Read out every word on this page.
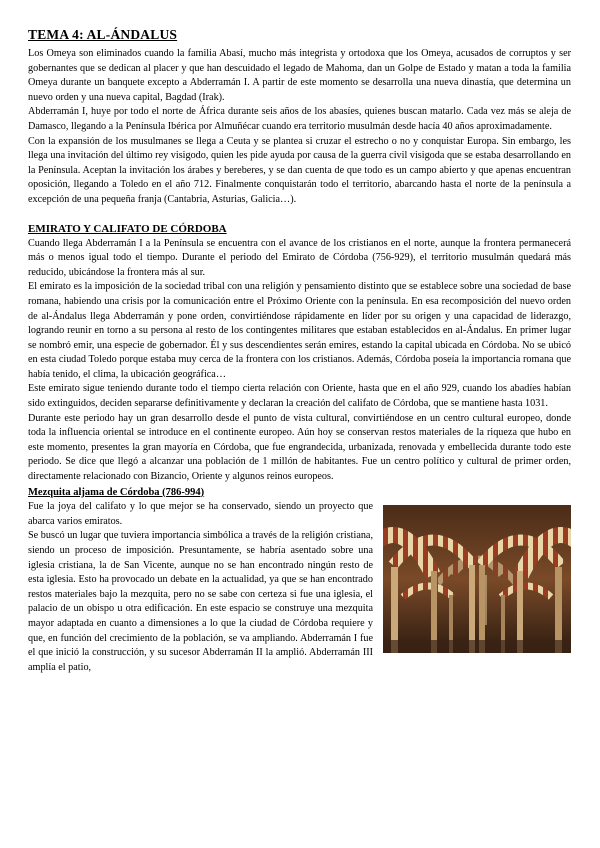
TEMA 4: AL-ÁNDALUS

Los Omeya son eliminados cuando la familia Abasí, mucho más integrista y ortodoxa que los Omeya, acusados de corruptos y ser gobernantes que se dedican al placer y que han descuidado el legado de Mahoma, dan un Golpe de Estado y matan a toda la familia Omeya durante un banquete excepto a Abderramán I. A partir de este momento se desarrolla una nueva dinastía, que determina un nuevo orden y una nueva capital, Bagdad (Irak).

Abderramán I, huye por todo el norte de África durante seis años de los abasíes, quienes buscan matarlo. Cada vez más se aleja de Damasco, llegando a la Península Ibérica por Almuñécar cuando era territorio musulmán desde hacía 40 años aproximadamente.

Con la expansión de los musulmanes se llega a Ceuta y se plantea si cruzar el estrecho o no y conquistar Europa. Sin embargo, les llega una invitación del último rey visigodo, quien les pide ayuda por causa de la guerra civil visigoda que se estaba desarrollando en la Península. Aceptan la invitación los árabes y bereberes, y se dan cuenta de que todo es un campo abierto y que apenas encuentran oposición, llegando a Toledo en el año 712. Finalmente conquistarán todo el territorio, abarcando hasta el norte de la península a excepción de una pequeña franja (Cantabria, Asturias, Galicia…).

EMIRATO Y CALIFATO DE CÓRDOBA

Cuando llega Abderramán I a la Península se encuentra con el avance de los cristianos en el norte, aunque la frontera permanecerá más o menos igual todo el tiempo. Durante el periodo del Emirato de Córdoba (756-929), el territorio musulmán quedará más reducido, ubicándose la frontera más al sur.

El emirato es la imposición de la sociedad tribal con una religión y pensamiento distinto que se establece sobre una sociedad de base romana, habiendo una crisis por la comunicación entre el Próximo Oriente con la península. En esa recomposición del nuevo orden de al-Ándalus llega Abderramán y pone orden, convirtiéndose rápidamente en líder por su origen y una capacidad de liderazgo, logrando reunir en torno a su persona al resto de los contingentes militares que estaban establecidos en al-Ándalus. En primer lugar se nombró emir, una especie de gobernador. Él y sus descendientes serán emires, estando la capital ubicada en Córdoba. No se ubicó en esta ciudad Toledo porque estaba muy cerca de la frontera con los cristianos. Además, Córdoba poseía la importancia romana que había tenido, el clima, la ubicación geográfica…

Este emirato sigue teniendo durante todo el tiempo cierta relación con Oriente, hasta que en el año 929, cuando los abadíes habían sido extinguidos, deciden separarse definitivamente y declaran la creación del califato de Córdoba, que se mantiene hasta 1031.

Durante este periodo hay un gran desarrollo desde el punto de vista cultural, convirtiéndose en un centro cultural europeo, donde toda la influencia oriental se introduce en el continente europeo. Aún hoy se conservan restos materiales de la riqueza que hubo en este momento, presentes la gran mayoría en Córdoba, que fue engrandecida, urbanizada, renovada y embellecida durante todo este periodo. Se dice que llegó a alcanzar una población de 1 millón de habitantes. Fue un centro político y cultural de primer orden, directamente relacionado con Bizancio, Oriente y algunos reinos europeos.

Mezquita aljama de Córdoba (786-994)

Fue la joya del califato y lo que mejor se ha conservado, siendo un proyecto que abarca varios emiratos.

Se buscó un lugar que tuviera importancia simbólica a través de la religión cristiana, siendo un proceso de imposición. Presuntamente, se habría asentado sobre una iglesia cristiana, la de San Vicente, aunque no se han encontrado ningún resto de esta iglesia. Esto ha provocado un debate en la actualidad, ya que se han encontrado restos materiales bajo la mezquita, pero no se sabe con certeza si fue una iglesia, el palacio de un obispo u otra edificación. En este espacio se construye una mezquita mayor adaptada en cuanto a dimensiones a lo que la ciudad de Córdoba requiere y que, en función del crecimiento de la población, se va ampliando. Abderramán I fue el que inició la construcción, y su sucesor Abderramán II la amplió. Abderramán III amplía el patio,
